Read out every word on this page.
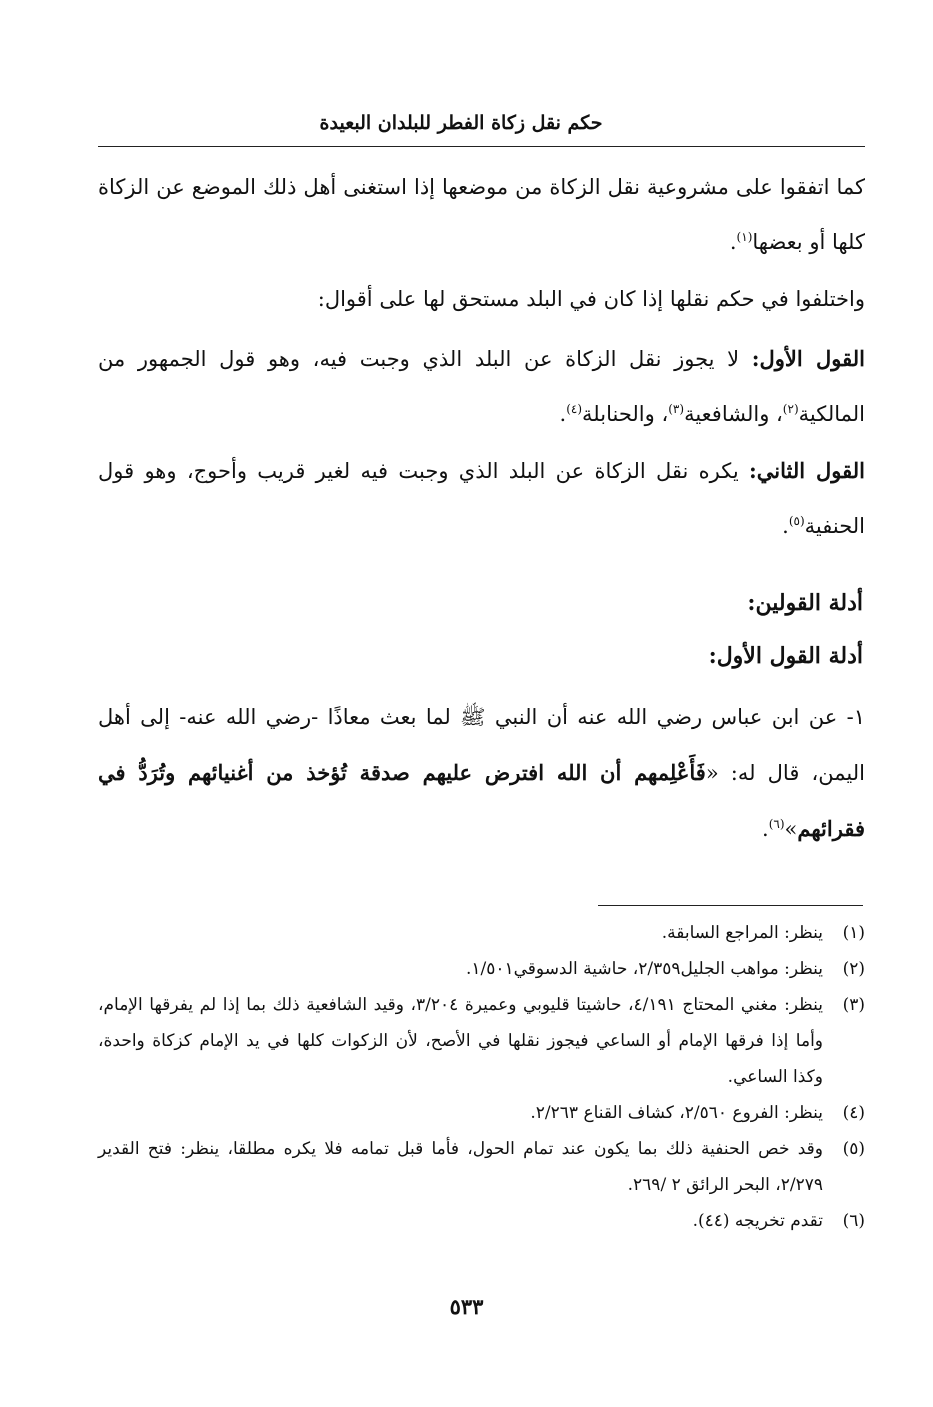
حكم نقل زكاة الفطر للبلدان البعيدة
كما اتفقوا على مشروعية نقل الزكاة من موضعها إذا استغنى أهل ذلك الموضع عن الزكاة كلها أو بعضها$^{(١)}$.
واختلفوا في حكم نقلها إذا كان في البلد مستحق لها على أقوال:
القول الأول: لا يجوز نقل الزكاة عن البلد الذي وجبت فيه، وهو قول الجمهور من المالكية$^{(٢)}$، والشافعية$^{(٣)}$، والحنابلة$^{(٤)}$.
القول الثاني: يكره نقل الزكاة عن البلد الذي وجبت فيه لغير قريب وأحوج، وهو قول الحنفية$^{(٥)}$.
أدلة القولين:
أدلة القول الأول:
١- عن ابن عباس رضي الله عنه أن النبي ﷺ لما بعث معاذًا -رضي الله عنه- إلى أهل اليمن، قال له: «فَأَعْلِمهم أن الله افترض عليهم صدقة تُؤخذ من أغنيائهم وتُرَدُّ في فقرائهم»$^{(٦)}$.
(١)
ينظر: المراجع السابقة.
(٢)
ينظر: مواهب الجليل٢/٣٥٩، حاشية الدسوقي١/٥٠١.
(٣)
ينظر: مغني المحتاج ٤/١٩١، حاشيتا قليوبي وعميرة ٣/٢٠٤، وقيد الشافعية ذلك بما إذا لم يفرقها الإمام، وأما إذا فرقها الإمام أو الساعي فيجوز نقلها في الأصح، لأن الزكوات كلها في يد الإمام كزكاة واحدة، وكذا الساعي.
(٤)
ينظر: الفروع ٢/٥٦٠، كشاف القناع ٢/٢٦٣.
(٥)
وقد خص الحنفية ذلك بما يكون عند تمام الحول، فأما قبل تمامه فلا يكره مطلقا، ينظر: فتح القدير ٢/٢٧٩، البحر الرائق ٢ /٢٦٩.
(٦)
تقدم تخريجه (٤٤).
٥٣٣
